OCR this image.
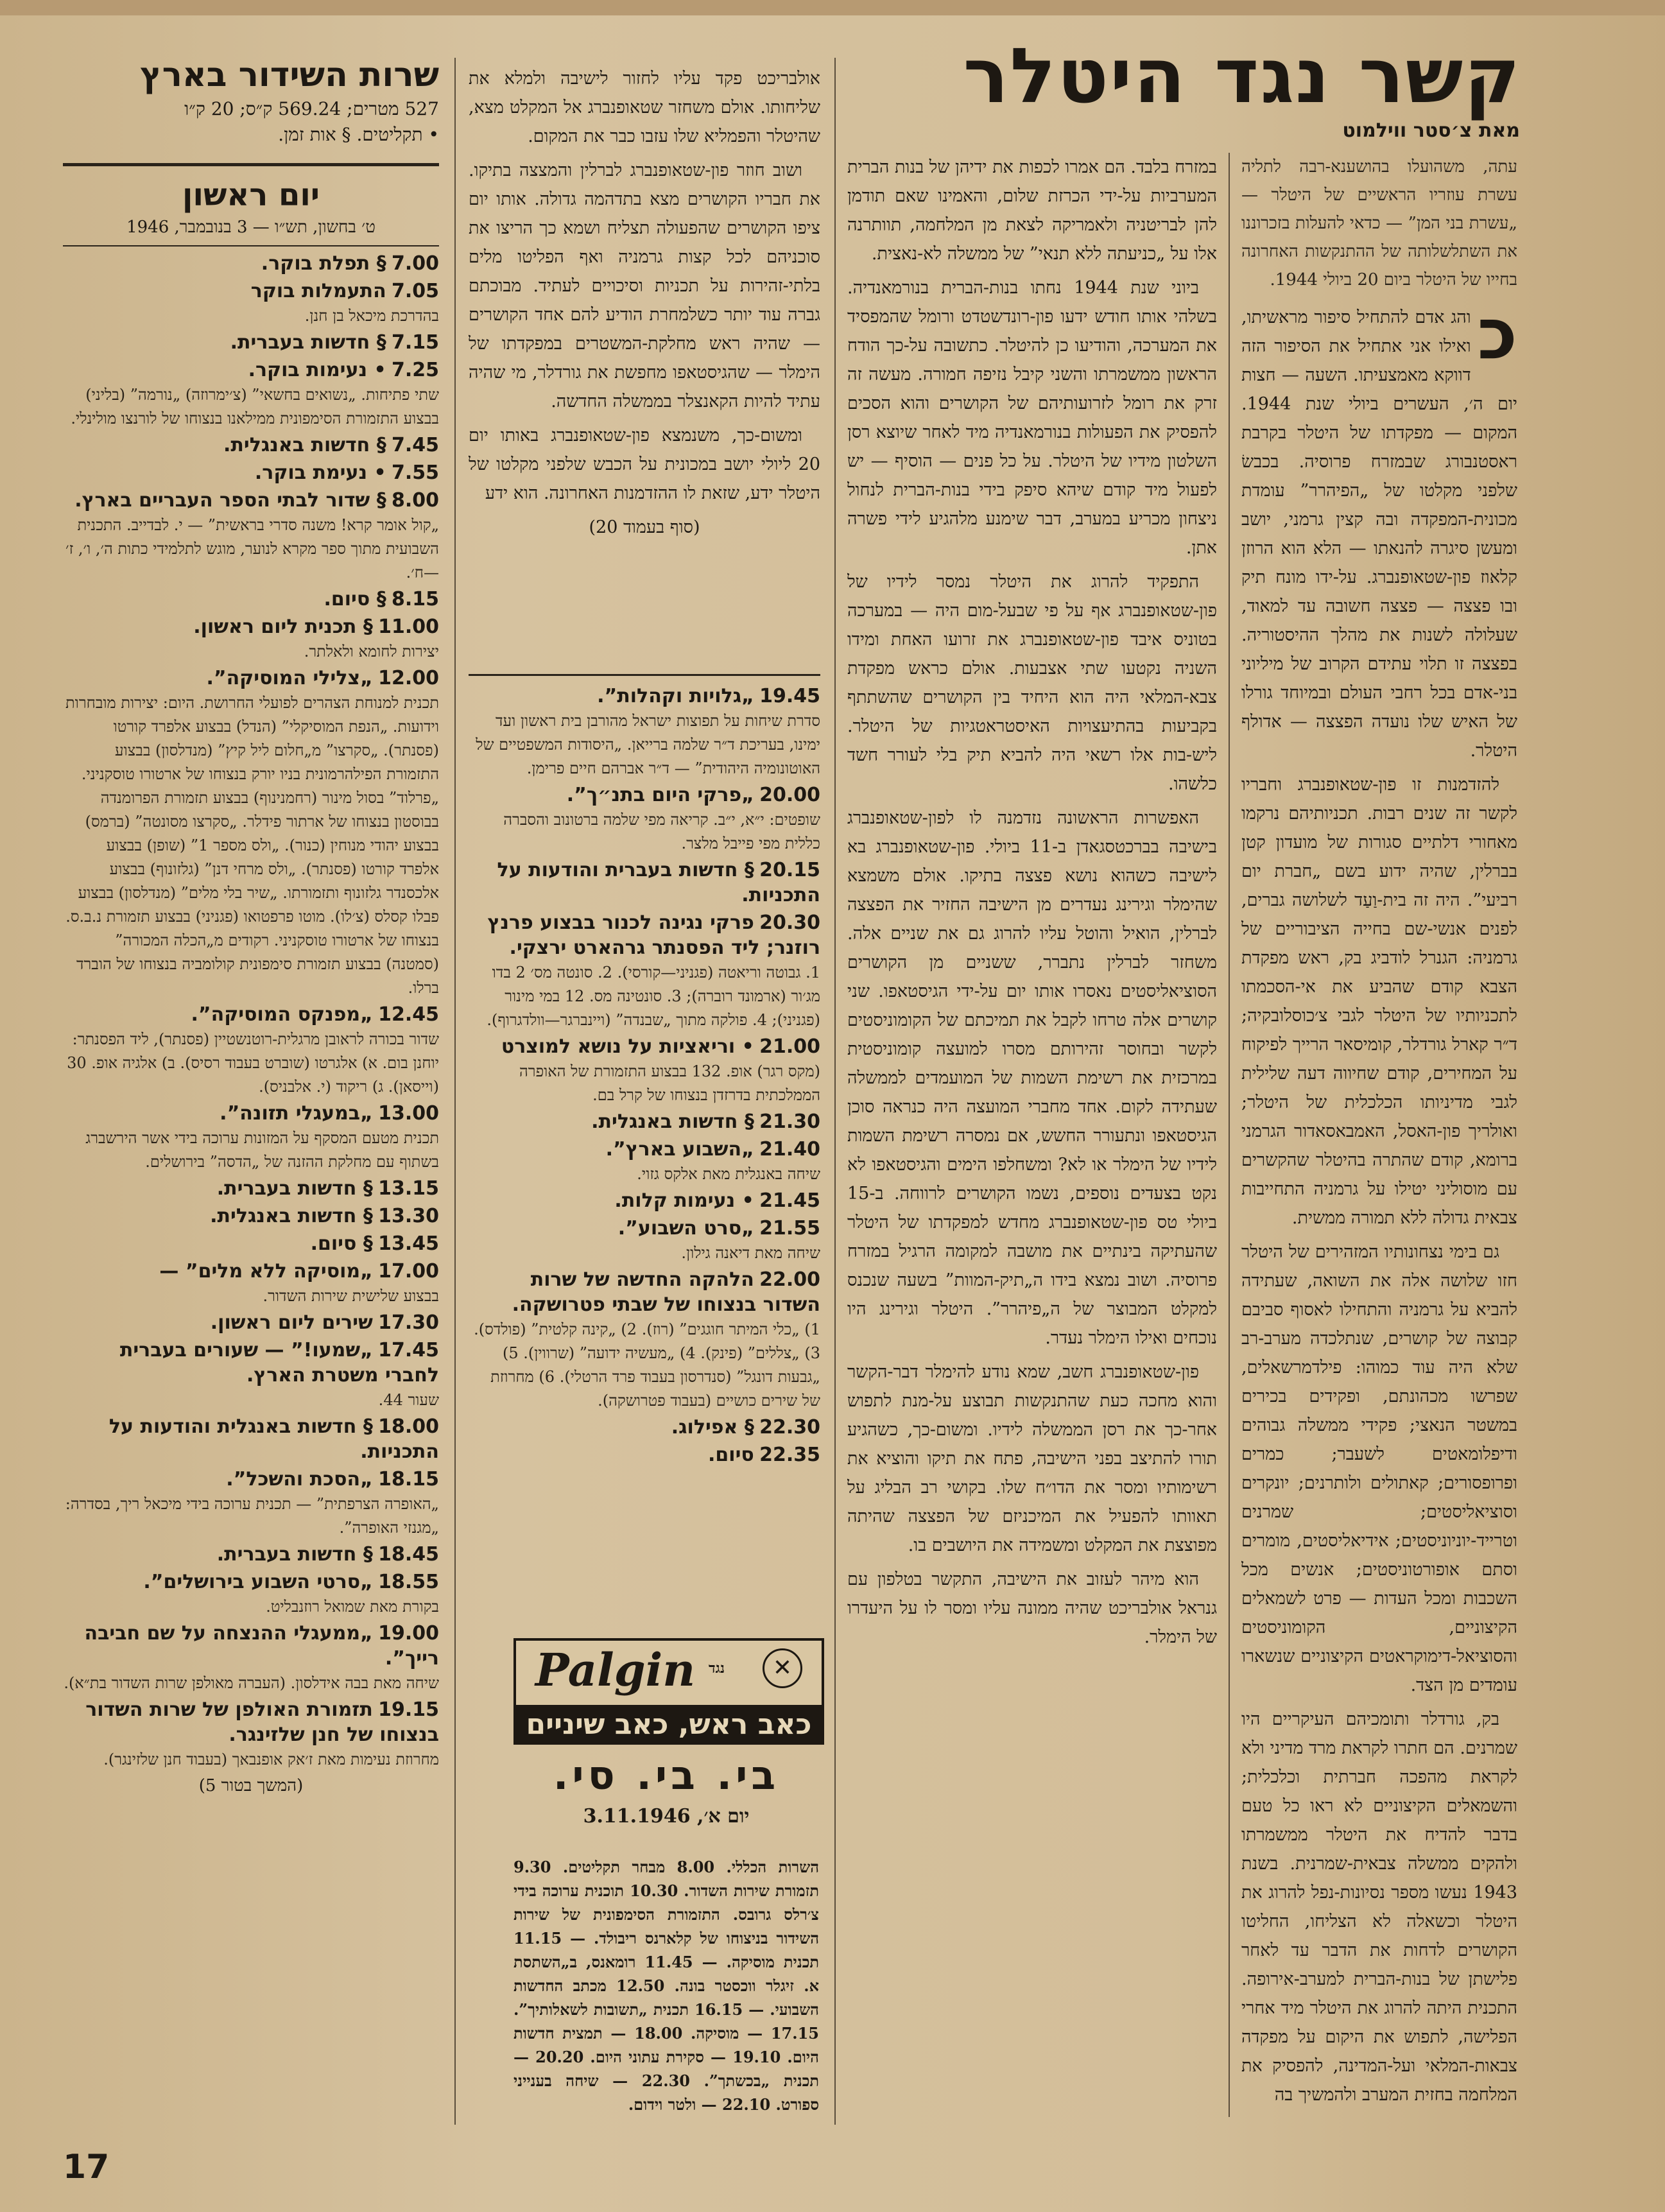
קשר נגד היטלר
מאת צ׳סטר ווילמוט

עתה, משהועלו בהושענא-רבה לתליה עשרת עוזריו הראשיים של היטלר — „עשרת בני המן” — כדאי להעלות בזכרוננו את השתלשלותה של ההתנקשות האחרונה בחייו של היטלר ביום 20 ביולי 1944.

כ
והג אדם להתחיל סיפור מראשיתו, ואילו אני אתחיל את הסיפור הזה דווקא מאמצעיתו. השעה — חצות יום ה׳, העשרים ביולי שנת 1944. המקום — מפקדתו של היטלר בקרבת ראסטנבורג שבמזרח פרוסיה. בכבשׂ שלפני מקלטו של „הפיהרר” עומדת מכונית-המפקדה ובה קצין גרמני, יושב ומעשן סיגרה להנאתו — הלא הוא הרוזן קלאוז פון-שטאופנברג. על-ידו מונח תיק ובו פצצה — פצצה חשובה עד למאוד, שעלולה לשנות את מהלך ההיסטוריה. בפצצה זו תלוי עתידם הקרוב של מיליוני בני-אדם בכל רחבי העולם ובמיוחד גורלו של האיש שלו נועדה הפצצה — אדולף היטלר.

להזדמנות זו פון-שטאופנברג וחבריו לקשר זה שנים רבות. תכניותיהם נרקמו מאחורי דלתיים סגורות של מועדון קטן בברלין, שהיה ידוע בשם „חברת יום רביעי”. היה זה בית-וַעַד לשלושה גברים, לפנים אנשי-שם בחייה הציבוריים של גרמניה: הגנרל לודביג בק, ראש מפקדת הצבא קודם שהביע את אי-הסכמתו לתכניותיו של היטלר לגבי צ׳כוסלובקיה; ד״ר קארל גורדלר, קומיסאר הרייך לפיקוח על המחירים, קודם שחיווה דעה שלילית לגבי מדיניותו הכלכלית של היטלר; ואולריך פון-האסל, האמבאסאדור הגרמני ברומא, קודם שהתרה בהיטלר שהקשרים עם מוסוליני יטילו על גרמניה התחייבות צבאית גדולה ללא תמורה ממשית.

גם בימי נצחונותיו המזהירים של היטלר חזו שלושה אלה את השואה, שעתידה להביא על גרמניה והתחילו לאסוף סביבם קבוצה של קושרים, שנתלכדה מערב-רב שלא היה עוד כמוהו: פילדמרשאלים, שפרשו מכהונתם, ופקידים בכירים במשטר הנאצי; פקידי ממשלה גבוהים ודיפלומאטים לשעבר; כמרים ופרופסורים; קאתולים ולותרנים; יונקרים וסוציאליסטים; שמרנים וטרייד-יוניוניסטים; אידיאליסטים, מומרים וסתם אופורטוניסטים; אנשים מכל השכבות ומכל העדות — פרט לשמאלים הקיצוניים, הקומוניסטים והסוציאל-דימוקראטים הקיצוניים שנשארו עומדים מן הצד.

בק, גורדלר ותומכיהם העיקריים היו שמרנים. הם חתרו לקראת מרד מדיני ולא לקראת מהפכה חברתית וכלכלית; והשמאלים הקיצוניים לא ראו כל טעם בדבר להדיח את היטלר ממשמרתו ולהקים ממשלה צבאית-שמרנית. בשנת 1943 נעשו מספר נסיונות-נפל להרוג את היטלר וכשאלה לא הצליחו, החליטו הקושרים לדחות את הדבר עד לאחר פלישתן של בנות-הברית למערב-אירופה. התכנית היתה להרוג את היטלר מיד אחרי הפלישה, לתפוש את היקום על מפקדה צבאות-המלאי ועל-המדינה, להפסיק את המלחמה בחזית המערב ולהמשיך בה

במזרח בלבד. הם אמרו לכפות את ידיהן של בנות הברית המערביות על-ידי הכרזת שלום, והאמינו שאם תודמן להן לבריטניה ולאמריקה לצאת מן המלחמה, תוותרנה אלו על „כניעתה ללא תנאי” של ממשלה לא-נאצית.

ביוני שנת 1944 נחתו בנות-הברית בנורמאנדיה. בשלהי אותו חודש ידעו פון-רונדשטדט ורומל שהמפסיד את המערכה, והודיעו כן להיטלר. כתשובה על-כך הודח הראשון ממשמרתו והשני קיבל נזיפה חמורה. מעשה זה זרק את רומל לזרועותיהם של הקושרים והוא הסכים להפסיק את הפעולות בנורמאנדיה מיד לאחר שיוצא רסן השלטון מידיו של היטלר. על כל פנים — הוסיף — יש לפעול מיד קודם שיהא סיפק בידי בנות-הברית לנחול ניצחון מכריע במערב, דבר שימנע מלהגיע לידי פשרה אתן.

התפקיד להרוג את היטלר נמסר לידיו של פון-שטאופנברג אף על פי שבעל-מום היה — במערכה בטוניס איבד פון-שטאופנברג את זרועו האחת ומידו השניה נקטעו שתי אצבעות. אולם כראש מפקדת צבא-המלאי היה הוא היחיד בין הקושרים שהשתתף בקביעות בהתיעצויות האיסטראטגיות של היטלר. ליש-בות אלו רשאי היה להביא תיק בלי לעורר חשד כלשהו.

האפשרות הראשונה נזדמנה לו לפון-שטאופנברג בישיבה בברכטסגאדן ב-11 ביולי. פון-שטאופנברג בא לישיבה כשהוא נושא פצצה בתיקו. אולם משמצא שהימלר וגירינג נעדרים מן הישיבה החזיר את הפצצה לברלין, הואיל והוטל עליו להרוג גם את שניים אלה. משחזר לברלין נתברר, ששניים מן הקושרים הסוציאליסטים נאסרו אותו יום על-ידי הגיסטאפו. שני קושרים אלה טרחו לקבל את תמיכתם של הקומוניסטים לקשר ובחוסר זהירותם מסרו למועצה קומוניסטית במרכזית את רשימת השמות של המועמדים לממשלה שעתידה לקום. אחד מחברי המועצה היה כנראה סוכן הגיסטאפו ונתעורר החשש, אם נמסרה רשימת השמות לידיו של הימלר או לא? ומשחלפו הימים והגיסטאפו לא נקט בצעדים נוספים, נשמו הקושרים לרווחה. ב-15 ביולי טס פון-שטאופנברג מחדש למפקדתו של היטלר שהעתיקה בינתיים את מושבה למקומה הרגיל במזרח פרוסיה. ושוב נמצא בידו ה„תיק-המוות” בשעה שנכנס למקלט המבוצר של ה„פיהרר”. היטלר וגירינג היו נוכחים ואילו הימלר נעדר.

פון-שטאופנברג חשב, שמא נודע להימלר דבר-הקשר והוא מחכה כעת שהתנקשות תבוצע על-מנת לתפוש אחר-כך את רסן הממשלה לידיו. ומשום-כך, כשהגיע תורו להתיצב בפני הישיבה, פתח את תיקו והוציא את רשימותיו ומסר את הדו״ח שלו. בקושי רב הבליג על תאוותו להפעיל את המיכניזם של הפצצה שהיתה מפוצצת את המקלט ומשמידה את היושבים בו.

הוא מיהר לעזוב את הישיבה, התקשר בטלפון עם גנראל אולבריכט שהיה ממונה עליו ומסר לו על היעדרו של הימלר.

אולבריכט פקד עליו לחזור לישיבה ולמלא את שליחותו. אולם משחזר שטאופנברג אל המקלט מצא, שהיטלר והפמליא שלו עזבו כבר את המקום.

ושוב חוזר פון-שטאופנברג לברלין והמצצה בתיקו. את חבריו הקושרים מצא בתדהמה גדולה. אותו יום ציפו הקושרים שהפעולה תצליח ושמא כך הריצו את סוכניהם לכל קצות גרמניה ואף הפליטו מלים בלתי-זהירות על תכניות וסיכויים לעתיד. מבוכתם גברה עוד יותר כשלמחרת הודיע להם אחד הקושרים — שהיה ראש מחלקת-המשטרים במפקדתו של הימלר — שהגיסטאפו מחפשת את גורדלר, מי שהיה עתיד להיות הקאנצלר בממשלה החדשה.

ומשום-כך, משנמצא פון-שטאופנברג באותו יום 20 ליולי יושב במכונית על הכבש שלפני מקלטו של היטלר ידע, שזאת לו ההזדמנות האחרונה. הוא ידע

(סוף בעמוד 20)

19.45 „גלויות וקהלות”.
סדרת שיחות על תפוצות ישראל מהורבן בית ראשון ועד ימינו, בעריכת ד״ר שלמה ברייאן. „היסודות המשפטיים של האוטונומיה היהודית” — ד״ר אברהם חיים פרימן.
20.00 „פרקי היום בתנ״ך”.
שופטים: י״א, י״ב. קריאה מפי שלמה ברטונוב והסברה כללית מפי פייבל מלצר.
20.15 § חדשות בעברית והודעות על התכניות.
20.30 פרקי נגינה לכנור בבצוע פרנץ רוזנר; ליד הפסנתר גרהארט ירצקי.
1. גבוטה וריאטה (פגניני—קורסי). 2. סונטה מס׳ 2 בדו מג׳ור (ארמונד רוברה); 3. סונטינה מס. 12 במי מינור (פגניני); 4. פולקה מתוך „שבנדה” (ויינברגר—וולדגרוף).
21.00 • וריאציות על נושא למוצרט
(מקס רגר) אופ. 132 בבצוע התזמורת של האופרה הממלכתית בדרזדן בנצוחו של קרל בם.
21.30 § חדשות באנגלית.
21.40 „השבוע בארץ”.
שיחה באנגלית מאת אלקס גזוי.
21.45 • נעימות קלות.
21.55 „סרט השבוע”.
שיחה מאת דיאנה גילון.
22.00 הלהקה החדשה של שרות השדור בנצוחו של שבתי פטרושקה.
1) „כלי המיתר חוגגים” (רוז). 2) „קינה קלטית” (פולדס). 3) „צללים” (פינק). 4) „מעשיה ידועה” (שרווין). 5) „גבעות דונגל” (סנדרסון בעבוד פרד הרטלי). 6) מחרוזת של שירים כושיים (בעבוד פטרושקה).
22.30 § אפילוג.
22.35 סיום.
Palgin נגד	✕
כאב ראש, כאב שיניים
בי. בי. סי.
יום א׳, 3.11.1946
השרות הכללי. 8.00 מבחר תקליטים. 9.30 תזמורת שירות השדור. 10.30 תוכנית ערוכה בידי צ׳רלס גרובס. התזמורת הסימפונית של שירות השידור בניצוחו של קלארנס ריבולד. — 11.15 תכנית מוסיקה. — 11.45 רומאנס, ב„השתסת א. זיגלר ווכסטר בונה. 12.50 מכתב החדשות השבועי. — 16.15 תכנית „תשובות לשאלותיך”. 17.15 — מוסיקה. 18.00 — תמצית חדשות היום. 19.10 — סקירת עתוני היום. 20.20 — תכנית „בכשתך”. 22.30 — שיחה בענייני ספורט. 22.10 — ולטר וידום.
שרות השידור בארץ
527 מטרים; 569.24 ק״ס; 20 ק״ו
• תקליטים. § אות זמן.
יום ראשון
ט׳ בחשון, תש״ו — 3 בנובמבר, 1946
7.00 § תפלת בוקר.
7.05 התעמלות בוקר
בהדרכת מיכאל בן חנן.
7.15 § חדשות בעברית.
7.25 • נעימות בוקר.
שתי פתיחות. „נשואים בחשאי” (צ׳ימרוזה) „נורמה” (בליני) בבצוע התזמורת הסימפונית ממילאנו בנצוחו של לורנצו מולינלי.
7.45 § חדשות באנגלית.
7.55 • נעימת בוקר.
8.00 § שדור לבתי הספר העבריים בארץ.
„קול אומר קרא! משנה סדרי בראשית” — י. לבדייב. התכנית השבועית מתוך ספר מקרא לנוער, מוגש לתלמידי כתות ה׳, ו׳, ז׳—ח׳.
8.15 § סיום.
11.00 § תכנית ליום ראשון.
יצירות לחומא ולאלתר.
12.00 „צלילי המוסיקה”.
תכנית למנוחת הצהרים לפועלי החרושת. היום: יצירות מובחרות וידועות. „הנפת המוסיקלי” (הנדל) בבצוע אלפרד קורטו (פסנתר). „סקרצו” מ„חלום ליל קיץ” (מנדלסון) בבצוע התזמורת הפילהרמונית בניו יורק בנצוחו של ארטורו טוסקניני. „פרלוד” בסול מינור (רחמנינוף) בבצוע תזמורת הפרומנדה בבוסטון בנצוחו של ארתור פידלר. „סקרצו מסונטה” (ברמס) בבצוע יהודי מנוחין (כנור). „ולס מספר 1” (שופן) בבצוע אלפרד קורטו (פסנתר). „ולס מרחי דנן” (גלזונוף) בבצוע אלכסנדר גלזונוף ותזמורתו. „שיר בלי מלים” (מנדלסון) בבצוע פבלו קסלס (צ׳לו). מוטו פרפטואו (פגניני) בבצוע תזמורת נ.ב.ס. בנצוחו של ארטורו טוסקניני. רקודים מ„הכלה המכורה” (סמטנה) בבצוע תזמורת סימפונית קולומביה בנצוחו של הוברד ברלו.
12.45 „מפנקס המוסיקה”.
שדור בכורה לראובן מרגלית-רוטנשטיין (פסנתר), ליד הפסנתר: יוחנן בום. א) אלגרטו (שוברט בעבוד רסיס). ב) אלגיה אופ. 30 (וייסאן). ג) ריקוד (י. אלבניס).
13.00 „במעגלי תזונה”.
תכנית מטעם המסקף על המזונות ערוכה בידי אשר הירשברג בשתוף עם מחלקת ההזנה של „הדסה” בירושלים.
13.15 § חדשות בעברית.
13.30 § חדשות באנגלית.
13.45 § סיום.
17.00 „מוסיקה ללא מלים” —
בבצוע שלישית שירות השדור.
17.30 שירים ליום ראשון.
17.45 „שמעו!” — שעורים בעברית לחברי משטרת הארץ.
שעור 44.
18.00 § חדשות באנגלית והודעות על התכניות.
18.15 „הסכת והשכל”.
„האופרה הצרפתית” — תכנית ערוכה בידי מיכאל ריך, בסדרה: „מגנזי האופרה”.
18.45 § חדשות בעברית.
18.55 „סרטי השבוע בירושלים”.
בקורת מאת שמואל רוזנבליט.
19.00 „ממעגלי ההנצחה על שם חביבה רייך”.
שיחה מאת בבה אידלסון. (העברה מאולפן שרות השדור בת״א).
19.15 תזמורת האולפן של שרות השדור בנצוחו של חנן שלזינגר.
מחרוזת נעימות מאת ז׳אק אופנבאך (בעבוד חנן שלזינגר).
(המשך בטור 5)
17
